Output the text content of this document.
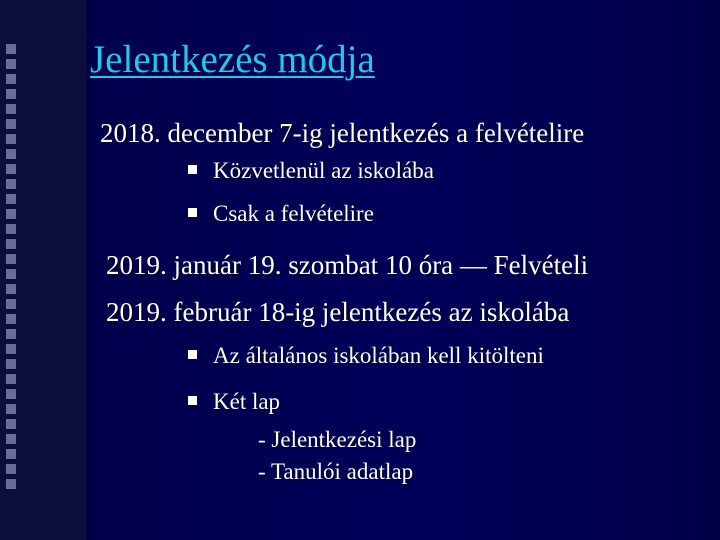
Jelentkezés módja
2018. december 7-ig jelentkezés a felvételire
Közvetlenül az iskolába
Csak a felvételire
2019. január 19. szombat 10 óra — Felvételi
2019. február 18-ig jelentkezés az iskolába
Az általános iskolában kell kitölteni
Két lap
- Jelentkezési lap
- Tanulói adatlap
